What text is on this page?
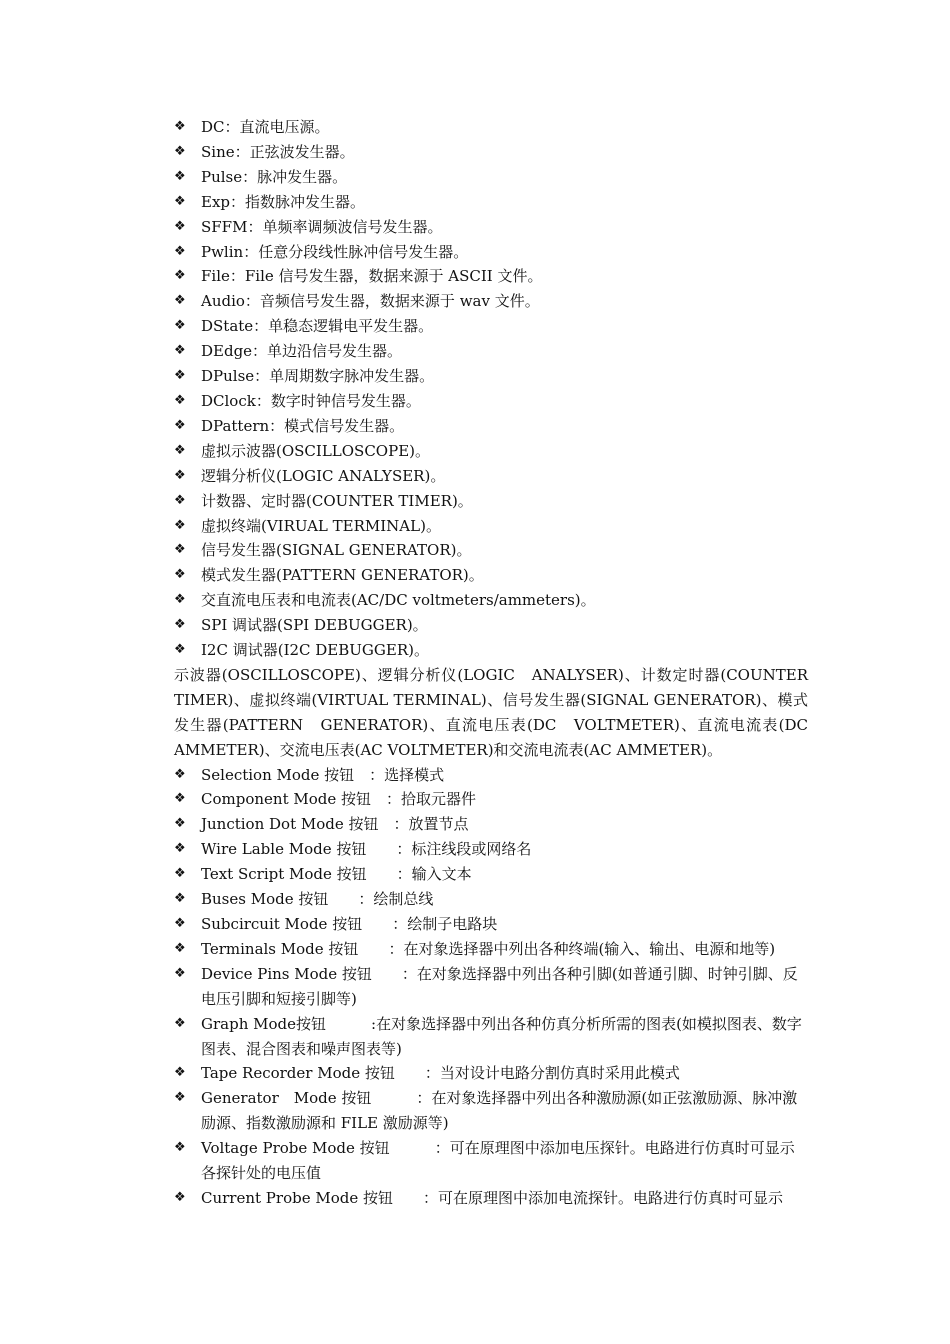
❖	DC：直流电压源。
❖	Sine：正弦波发生器。
❖	Pulse：脉冲发生器。
❖	Exp：指数脉冲发生器。
❖	SFFM：单频率调频波信号发生器。
❖	Pwlin：任意分段线性脉冲信号发生器。
❖	File：File 信号发生器，数据来源于 ASCII 文件。
❖	Audio：音频信号发生器，数据来源于 wav 文件。
❖	DState：单稳态逻辑电平发生器。
❖	DEdge：单边沿信号发生器。
❖	DPulse：单周期数字脉冲发生器。
❖	DClock：数字时钟信号发生器。
❖	DPattern：模式信号发生器。
❖	虚拟示波器(OSCILLOSCOPE)。
❖	逻辑分析仪(LOGIC ANALYSER)。
❖	计数器、定时器(COUNTER TIMER)。
❖	虚拟终端(VIRUAL TERMINAL)。
❖	信号发生器(SIGNAL GENERATOR)。
❖	模式发生器(PATTERN GENERATOR)。
❖	交直流电压表和电流表(AC/DC voltmeters/ammeters)。
❖	SPI 调试器(SPI DEBUGGER)。
❖	I2C 调试器(I2C DEBUGGER)。

示波器(OSCILLOSCOPE)、逻辑分析仪(LOGIC　ANALYSER)、计数定时器(COUNTER TIMER)、虚拟终端(VIRTUAL TERMINAL)、信号发生器(SIGNAL GENERATOR)、模式发生器(PATTERN　GENERATOR)、直流电压表(DC　VOLTMETER)、直流电流表(DC AMMETER)、交流电压表(AC VOLTMETER)和交流电流表(AC AMMETER)。

❖	Selection Mode 按钮　 ：选择模式
❖	Component Mode 按钮　 ：拾取元器件
❖	Junction Dot Mode 按钮　 ：放置节点
❖	Wire Lable Mode 按钮　　 ：标注线段或网络名
❖	Text Script Mode 按钮　　 ：输入文本
❖	Buses Mode 按钮　　 ：绘制总线
❖	Subcircuit Mode 按钮　　 ：绘制子电路块
❖	Terminals Mode 按钮　　 ：在对象选择器中列出各种终端(输入、输出、电源和地等)
❖	Device Pins Mode 按钮　　 ：在对象选择器中列出各种引脚(如普通引脚、时钟引脚、反电压引脚和短接引脚等)
❖	Graph Mode按钮　　　	:在对象选择器中列出各种仿真分析所需的图表(如模拟图表、数字图表、混合图表和噪声图表等)
❖	Tape Recorder Mode 按钮　　 ：当对设计电路分割仿真时采用此模式
❖	Generator　Mode 按钮　　　	：在对象选择器中列出各种激励源(如正弦激励源、脉冲激励源、指数激励源和 FILE 激励源等)
❖	Voltage Probe Mode 按钮　　　	：可在原理图中添加电压探针。电路进行仿真时可显示各探针处的电压值
❖	Current Probe Mode 按钮　　 ：可在原理图中添加电流探针。电路进行仿真时可显示
